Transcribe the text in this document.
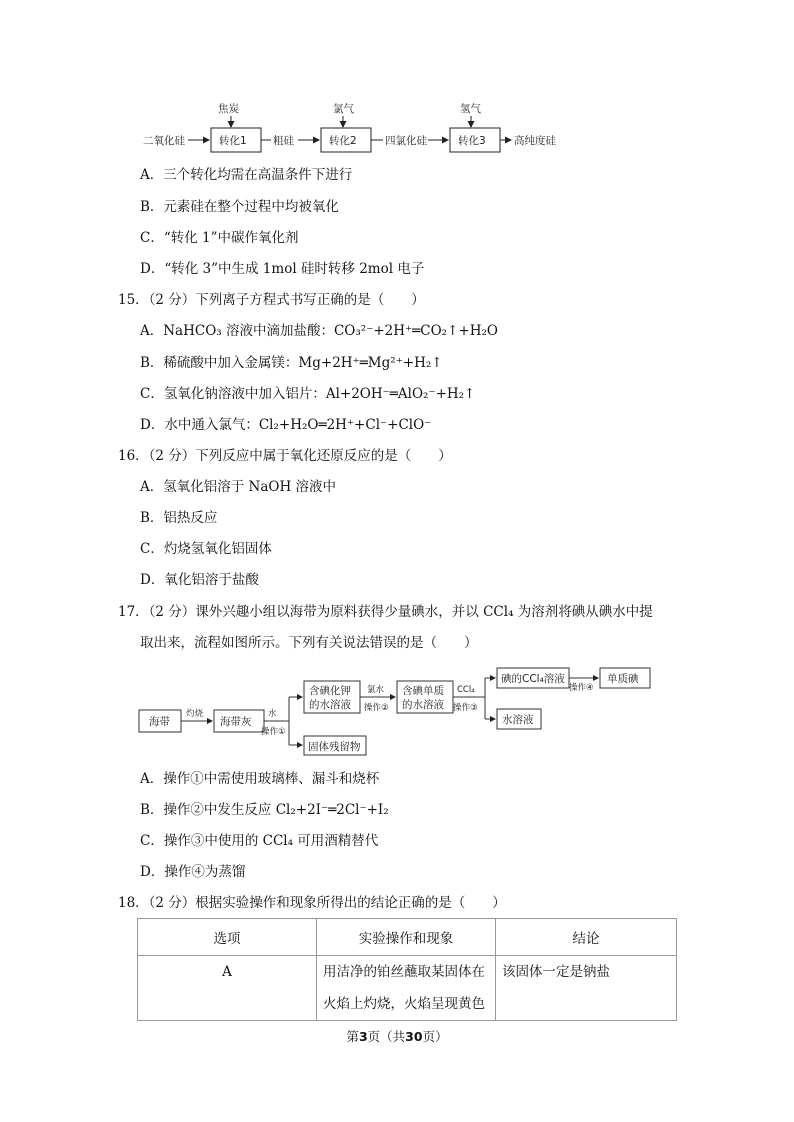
二氧化硅
焦炭
转化1	粗硅
氯气
转化2	四氯化硅
氢气
转化3	高纯度硅
A．三个转化均需在高温条件下进行
B．元素硅在整个过程中均被氧化
C．“转化 1”中碳作氧化剂
D．“转化 3”中生成 1mol 硅时转移 2mol 电子
15．（2 分）下列离子方程式书写正确的是（　　）
A．NaHCO₃ 溶液中滴加盐酸：CO₃²⁻+2H⁺═CO₂↑+H₂O
B．稀硫酸中加入金属镁：Mg+2H⁺═Mg²⁺+H₂↑
C．氢氧化钠溶液中加入铝片：Al+2OH⁻═AlO₂⁻+H₂↑
D．水中通入氯气：Cl₂+H₂O═2H⁺+Cl⁻+ClO⁻
16．（2 分）下列反应中属于氧化还原反应的是（　　）
A．氢氧化铝溶于 NaOH 溶液中
B．铝热反应
C．灼烧氢氧化铝固体
D．氧化铝溶于盐酸
17．（2 分）课外兴趣小组以海带为原料获得少量碘水，并以 CCl₄ 为溶剂将碘从碘水中提
取出来，流程如图所示。下列有关说法错误的是（　　）
海带
灼烧
海带灰
水
操作①
含碘化钾
的水溶液
固体残留物
氯水
操作②
含碘单质
的水溶液
CCl₄
操作③
碘的CCl₄溶液
水溶液
操作④
单质碘
A．操作①中需使用玻璃棒、漏斗和烧杯
B．操作②中发生反应 Cl₂+2I⁻═2Cl⁻+I₂
C．操作③中使用的 CCl₄ 可用酒精替代
D．操作④为蒸馏
18．（2 分）根据实验操作和现象所得出的结论正确的是（　　）
选项	实验操作和现象	结论
A	用洁净的铂丝蘸取某固体在火焰上灼烧，火焰呈现黄色	该固体一定是钠盐
第3页（共30页）
